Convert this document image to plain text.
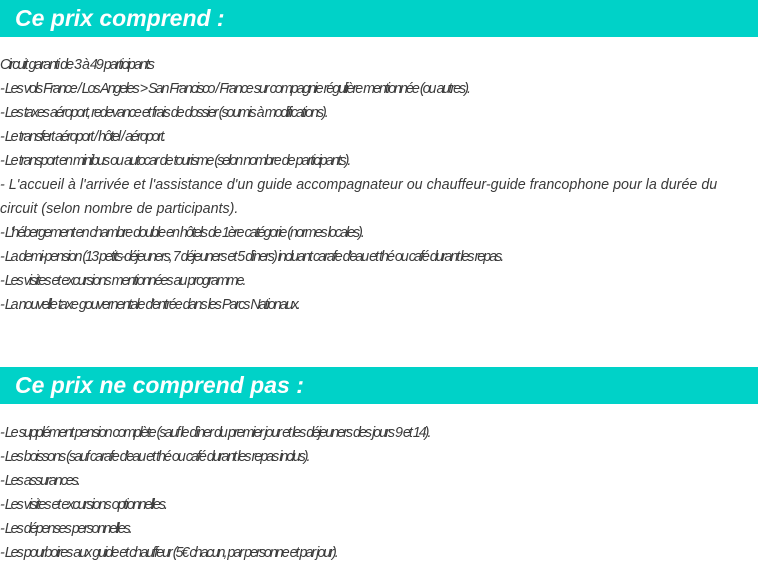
Ce prix comprend :

Circuit garanti de 3 à 49 participants

- Les vols France / Los Angeles > San Francisco / France sur compagnie régulière mentionnée (ou autres).

- Les taxes aéroport, redevance et frais de dossier (soumis à modifications).

- Le transfert aéroport / hôtel / aéroport.

- Le transport en minibus ou autocar de tourisme (selon nombre de participants).

- L'accueil à l'arrivée et l'assistance d'un guide accompagnateur ou chauffeur-guide francophone pour la durée du circuit (selon nombre de participants).

- L'hébergement en chambre double en hôtels de 1ère catégorie (normes locales).

- La demi-pension (13 petits-déjeuners, 7 déjeuners et 5 dîners) incluant carafe d'eau et thé ou café durant les repas.

- Les visites et excursions mentionnées au programme.

- La nouvelle taxe gouvernentale d'entrée dans les Parcs Nationaux.

Ce prix ne comprend pas :

- Le supplément pension complète (sauf le dîner du premier jour et les déjeuners des jours 9 et 14).

- Les boissons (sauf carafe d'eau et thé ou café durant les repas inclus).

- Les assurances.

- Les visites et excursions optionnelles.

- Les dépenses personnelles.

- Les pourboires aux guide et chauffeur (5€ chacun, par personne et par jour).
